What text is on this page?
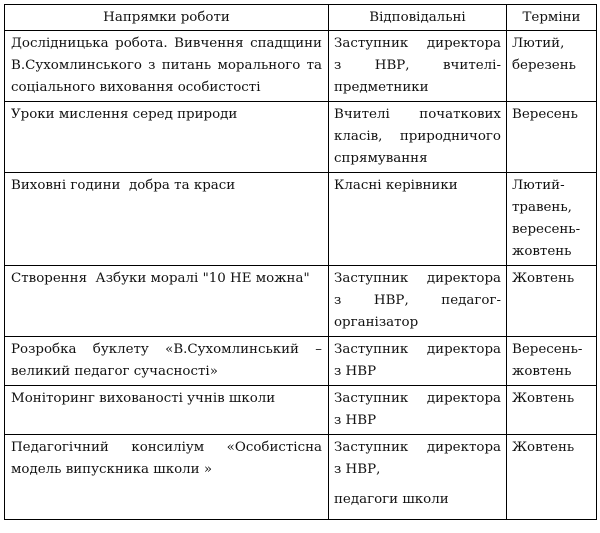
Напрямки роботи	Відповідальні	Терміни

Дослідницька робота. Вивчення спадщини
В.Сухомлинського з питань морального та
соціального виховання особистості	Заступник директора
з НВР, вчителі-
предметники	Лютий,
березень

Уроки мислення серед природи	Вчителі початкових
класів, природничого
спрямування	Вересень

Виховні години  добра та краси	Класні керівники	Лютий-
травень,
вересень-
жовтень

Створення  Азбуки моралі "10 НЕ можна"	Заступник директора
з НВР, педагог-
організатор	Жовтень

Розробка буклету «В.Сухомлинський –
великий педагог сучасності»	Заступник директора
з НВР	Вересень-
жовтень

Моніторинг вихованості учнів школи	Заступник директора
з НВР	Жовтень

Педагогічний консиліум «Особистісна
модель випускника школи »	Заступник директора
з НВР,
педагоги школи	Жовтень
